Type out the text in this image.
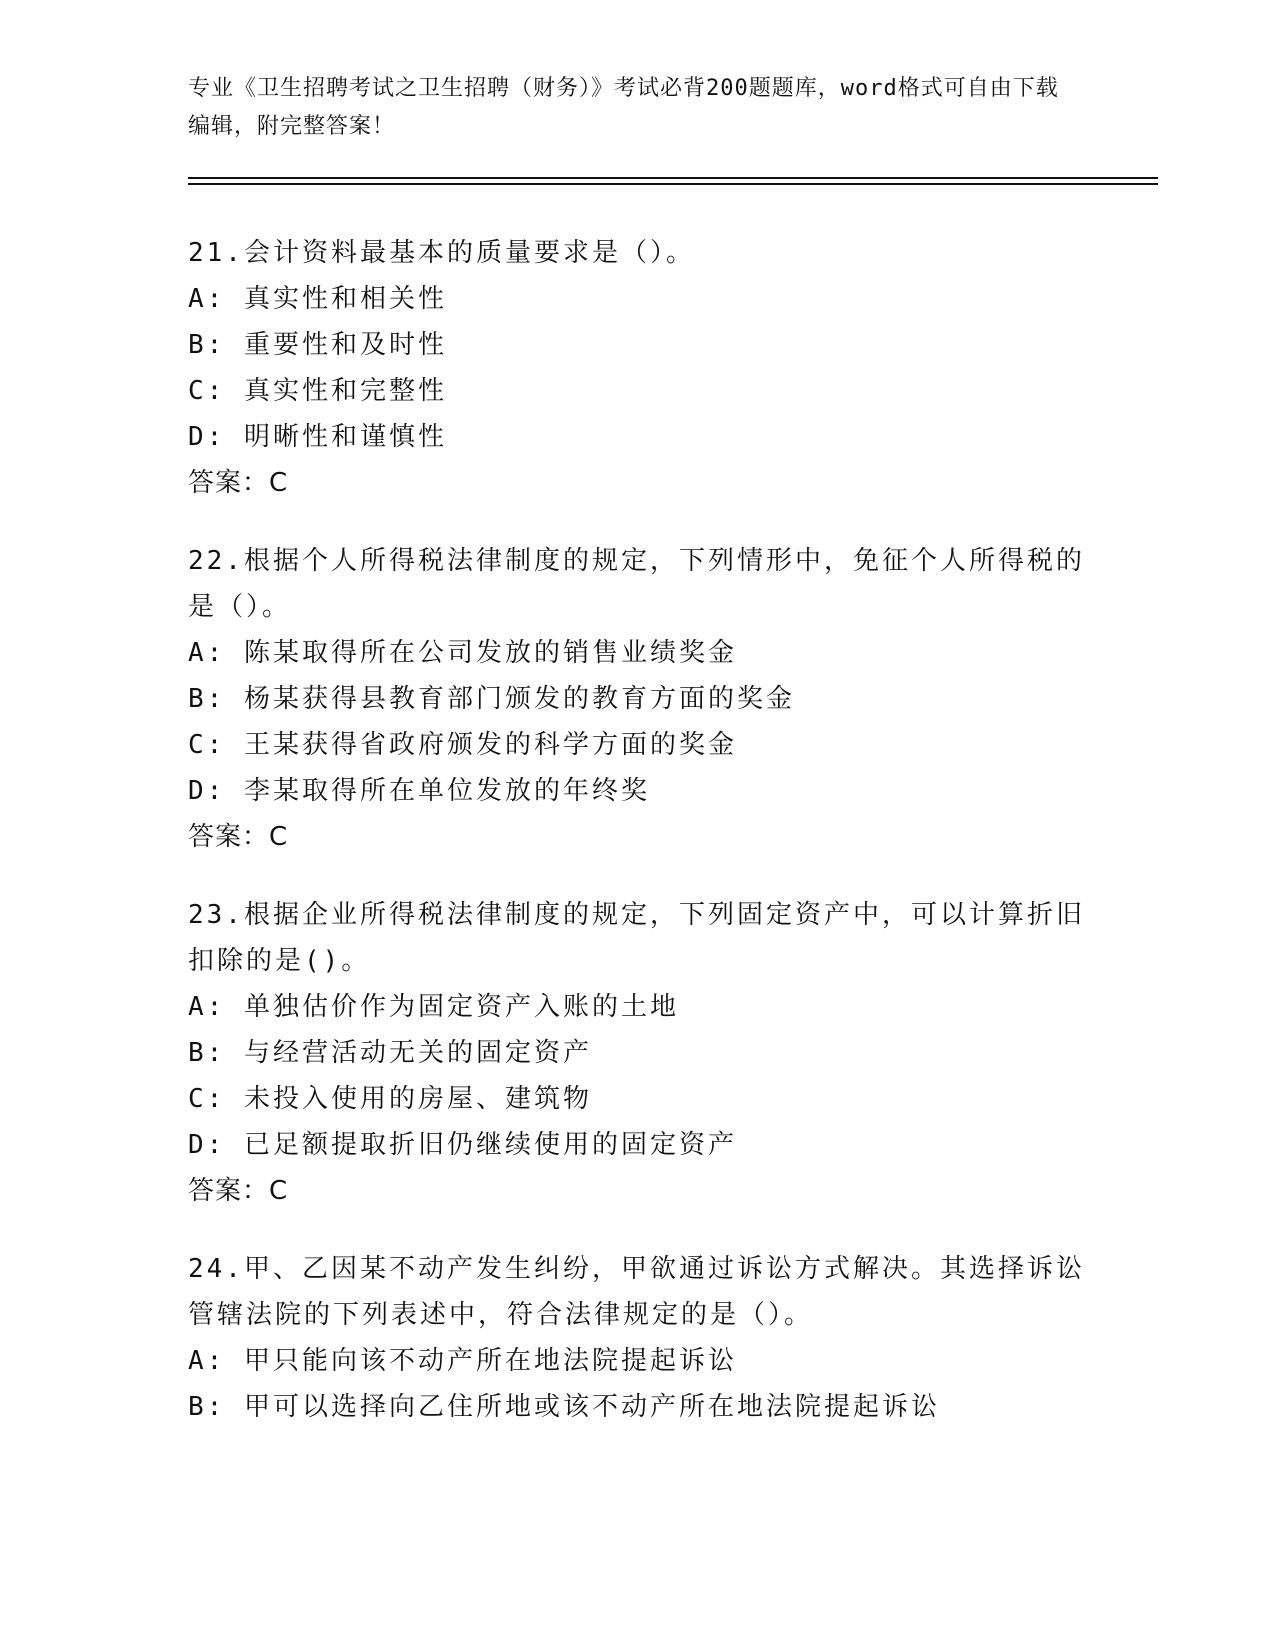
专业《卫生招聘考试之卫生招聘（财务）》考试必背200题题库，word格式可自由下载编辑，附完整答案！
21.会计资料最基本的质量要求是（）。
A: 真实性和相关性
B: 重要性和及时性
C: 真实性和完整性
D: 明晰性和谨慎性
答案：C
22.根据个人所得税法律制度的规定，下列情形中，免征个人所得税的是（）。
A: 陈某取得所在公司发放的销售业绩奖金
B: 杨某获得县教育部门颁发的教育方面的奖金
C: 王某获得省政府颁发的科学方面的奖金
D: 李某取得所在单位发放的年终奖
答案：C
23.根据企业所得税法律制度的规定，下列固定资产中，可以计算折旧扣除的是()。
A: 单独估价作为固定资产入账的土地
B: 与经营活动无关的固定资产
C: 未投入使用的房屋、建筑物
D: 已足额提取折旧仍继续使用的固定资产
答案：C
24.甲、乙因某不动产发生纠纷，甲欲通过诉讼方式解决。其选择诉讼管辖法院的下列表述中，符合法律规定的是（）。
A: 甲只能向该不动产所在地法院提起诉讼
B: 甲可以选择向乙住所地或该不动产所在地法院提起诉讼
